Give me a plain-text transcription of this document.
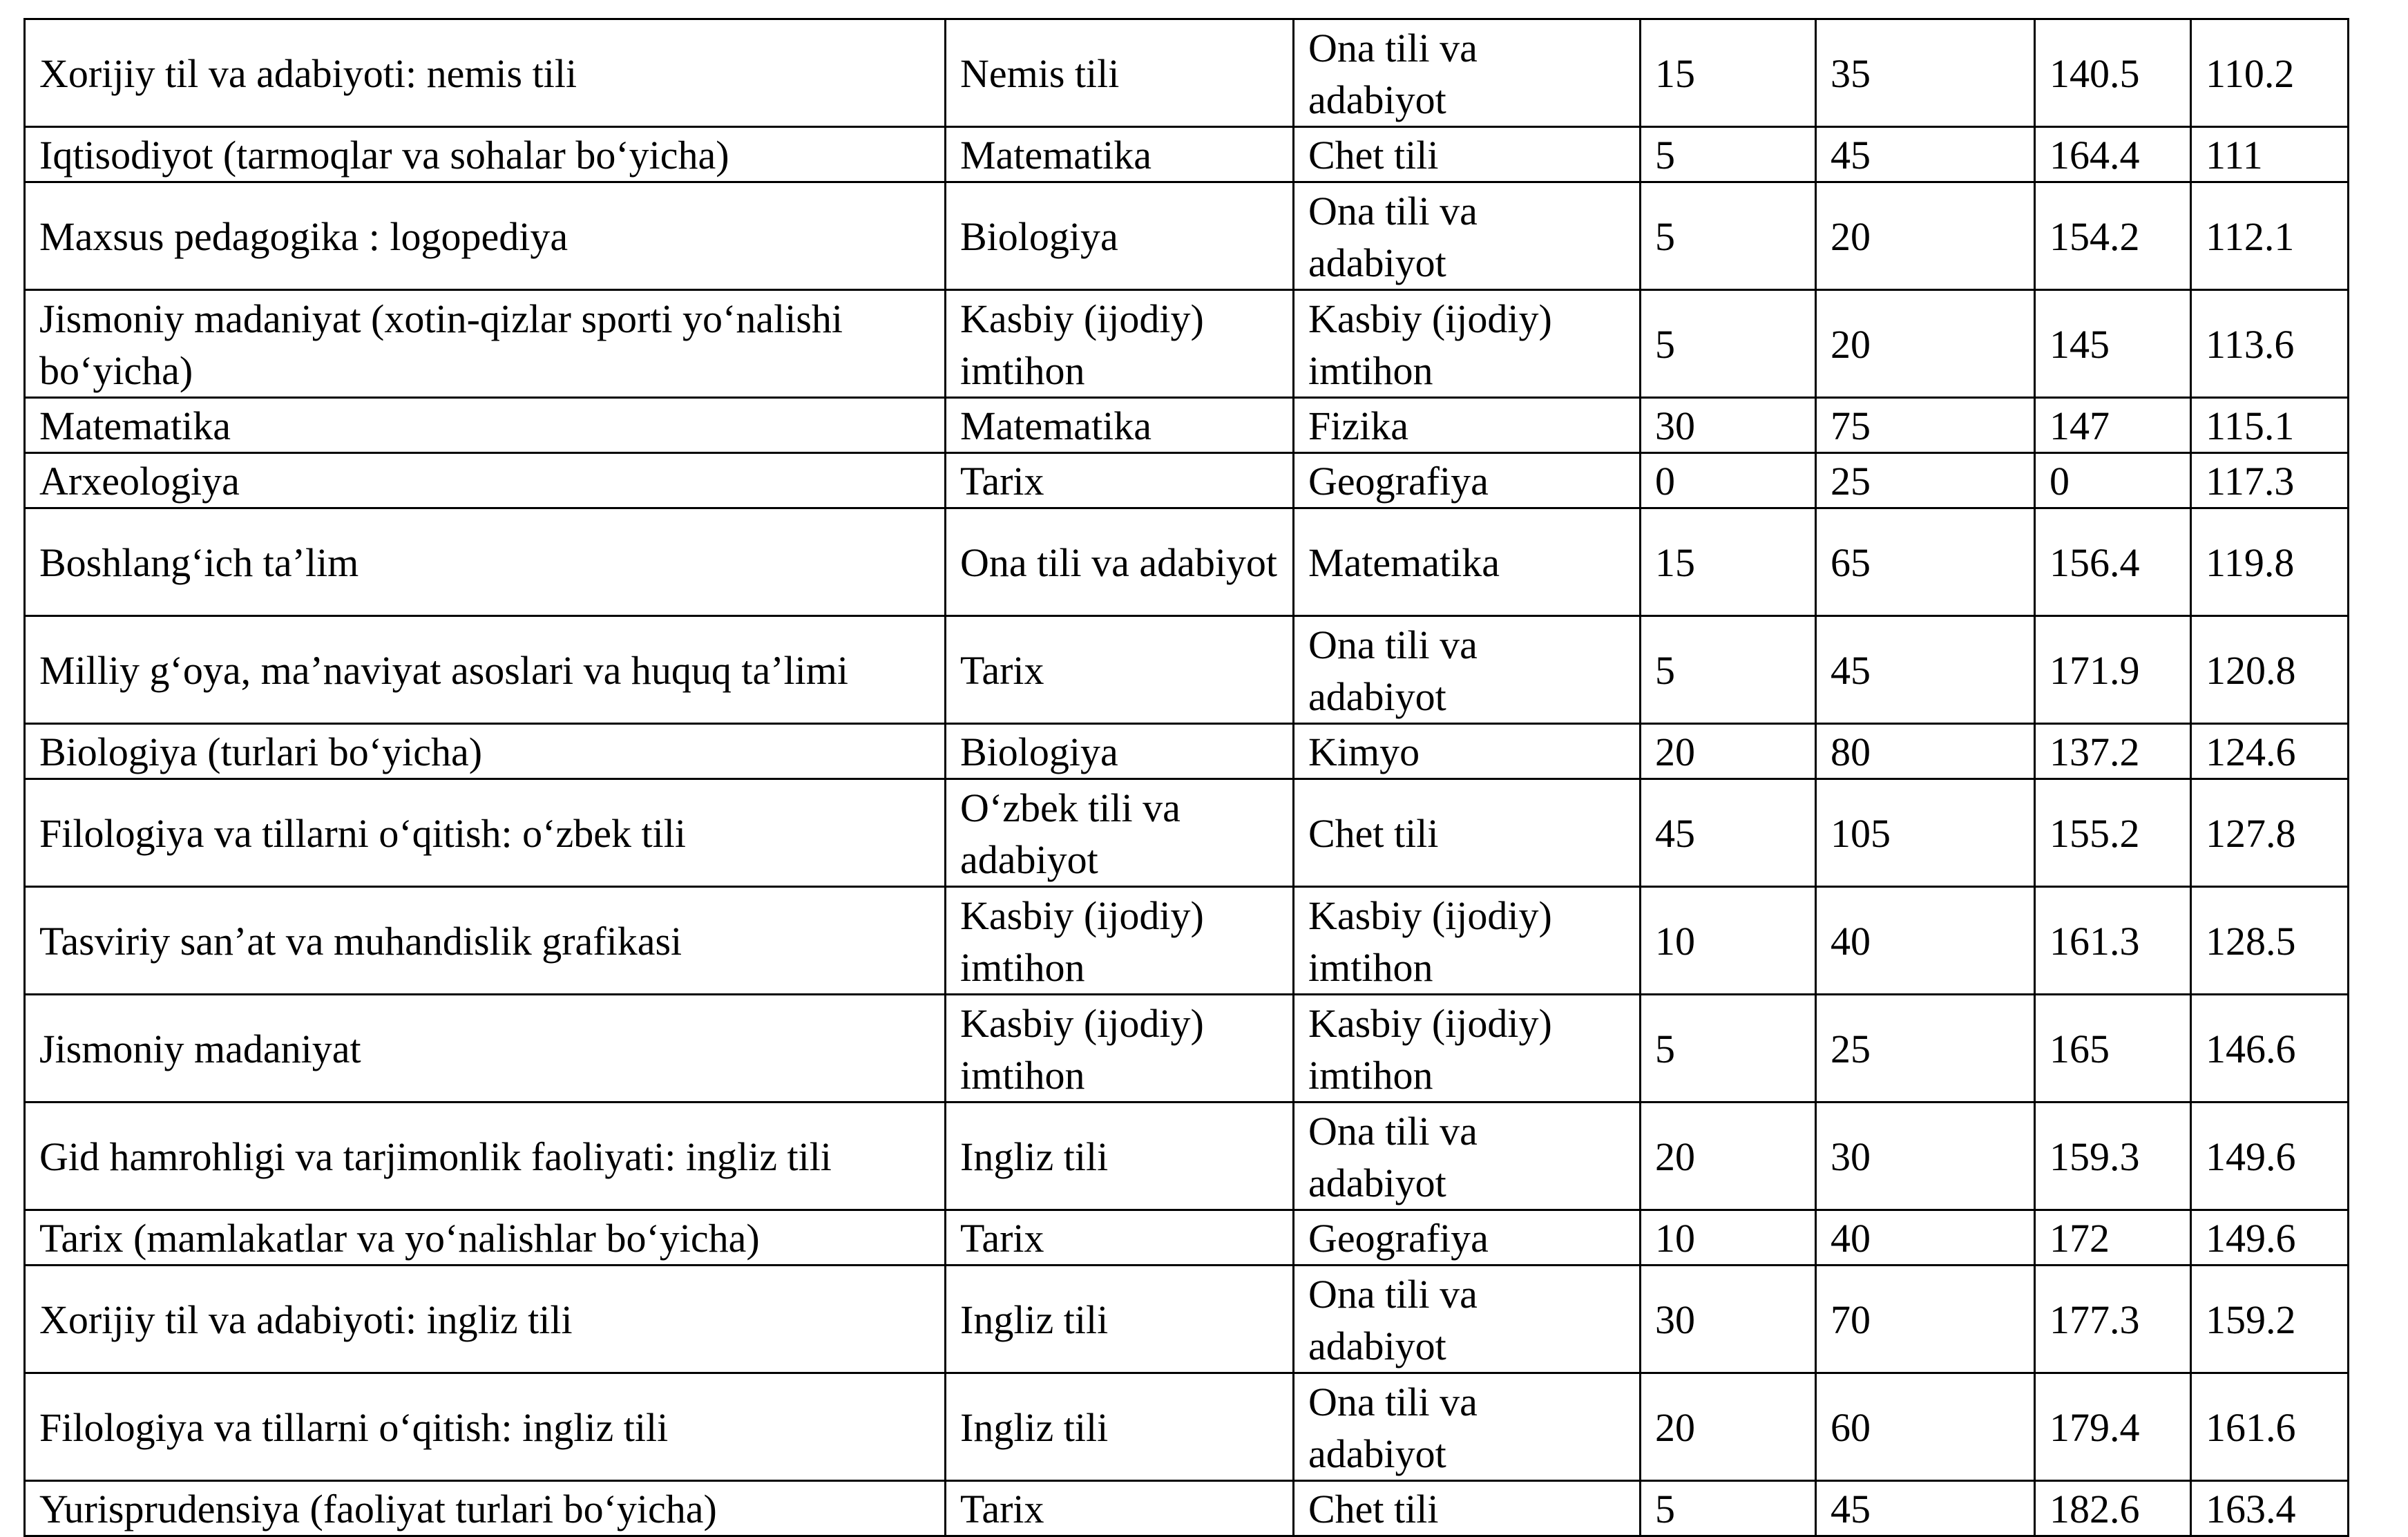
Xorijiy til va adabiyoti: nemis tili	Nemis tili	Ona tili va adabiyot	15	35	140.5	110.2
Iqtisodiyot (tarmoqlar va sohalar bo‘yicha)	Matematika	Chet tili	5	45	164.4	111
Maxsus pedagogika : logopediya	Biologiya	Ona tili va adabiyot	5	20	154.2	112.1
Jismoniy madaniyat (xotin-qizlar sporti yo‘nalishi bo‘yicha)	Kasbiy (ijodiy) imtihon	Kasbiy (ijodiy) imtihon	5	20	145	113.6
Matematika	Matematika	Fizika	30	75	147	115.1
Arxeologiya	Tarix	Geografiya	0	25	0	117.3
Boshlang‘ich ta’lim	Ona tili va adabiyot	Matematika	15	65	156.4	119.8
Milliy g‘oya, ma’naviyat asoslari va huquq ta’limi	Tarix	Ona tili va adabiyot	5	45	171.9	120.8
Biologiya (turlari bo‘yicha)	Biologiya	Kimyo	20	80	137.2	124.6
Filologiya va tillarni o‘qitish: o‘zbek tili	O‘zbek tili va adabiyot	Chet tili	45	105	155.2	127.8
Tasviriy san’at va muhandislik grafikasi	Kasbiy (ijodiy) imtihon	Kasbiy (ijodiy) imtihon	10	40	161.3	128.5
Jismoniy madaniyat	Kasbiy (ijodiy) imtihon	Kasbiy (ijodiy) imtihon	5	25	165	146.6
Gid hamrohligi va tarjimonlik faoliyati: ingliz tili	Ingliz tili	Ona tili va adabiyot	20	30	159.3	149.6
Tarix (mamlakatlar va yo‘nalishlar bo‘yicha)	Tarix	Geografiya	10	40	172	149.6
Xorijiy til va adabiyoti: ingliz tili	Ingliz tili	Ona tili va adabiyot	30	70	177.3	159.2
Filologiya va tillarni o‘qitish: ingliz tili	Ingliz tili	Ona tili va adabiyot	20	60	179.4	161.6
Yurisprudensiya (faoliyat turlari bo‘yicha)	Tarix	Chet tili	5	45	182.6	163.4
